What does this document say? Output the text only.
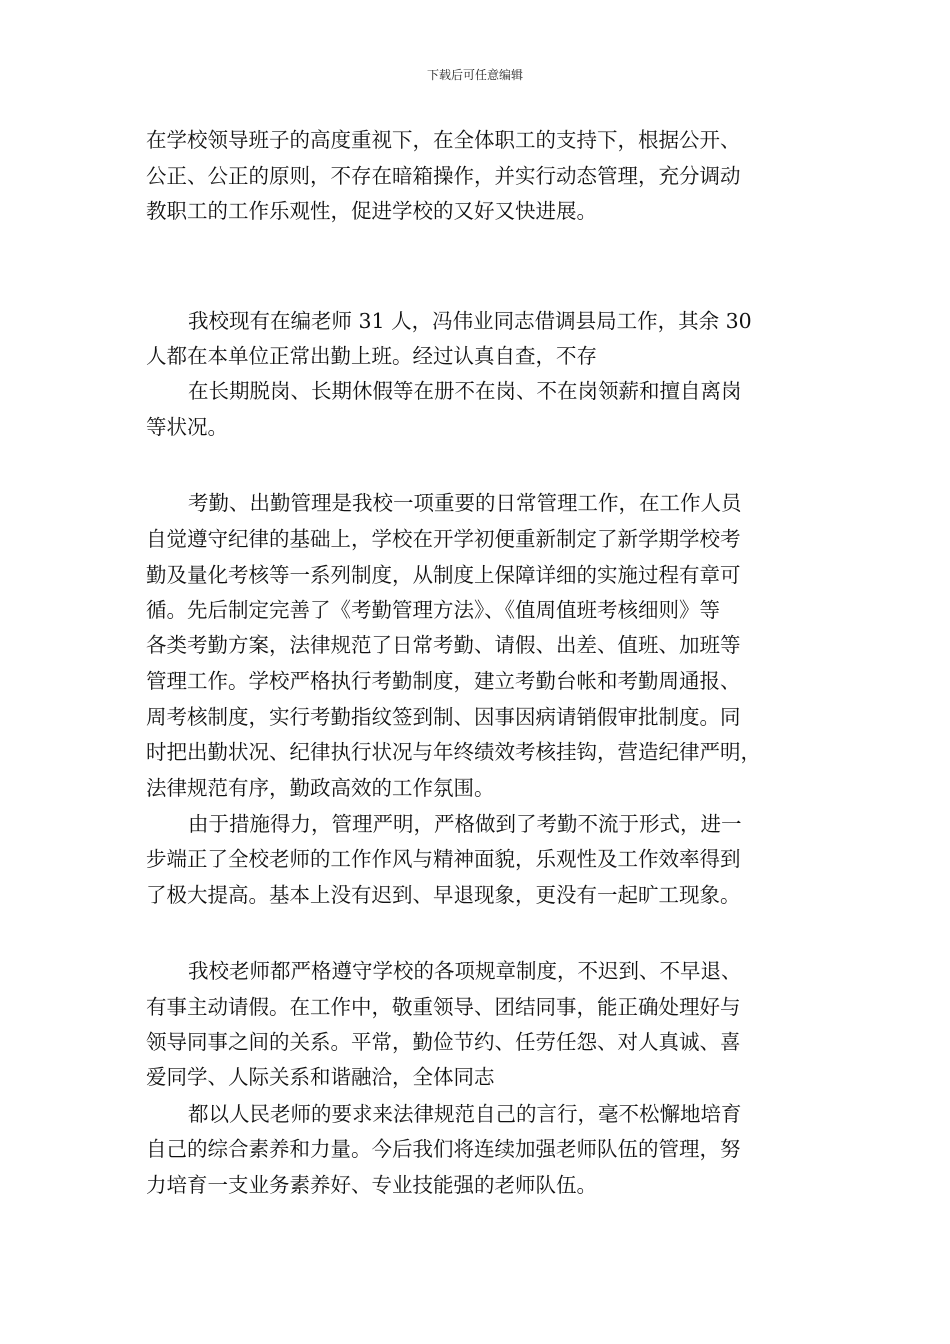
下载后可任意编辑
在学校领导班子的高度重视下，在全体职工的支持下，根据公开、
公正、公正的原则，不存在暗箱操作，并实行动态管理，充分调动
教职工的工作乐观性，促进学校的又好又快进展。
我校现有在编老师 31 人，冯伟业同志借调县局工作，其余 30
人都在本单位正常出勤上班。经过认真自查，不存
在长期脱岗、长期休假等在册不在岗、不在岗领薪和擅自离岗
等状况。
考勤、出勤管理是我校一项重要的日常管理工作，在工作人员
自觉遵守纪律的基础上，学校在开学初便重新制定了新学期学校考
勤及量化考核等一系列制度，从制度上保障详细的实施过程有章可
循。先后制定完善了《考勤管理方法》、《值周值班考核细则》等
各类考勤方案，法律规范了日常考勤、请假、出差、值班、加班等
管理工作。学校严格执行考勤制度，建立考勤台帐和考勤周通报、
周考核制度，实行考勤指纹签到制、因事因病请销假审批制度。同
时把出勤状况、纪律执行状况与年终绩效考核挂钩，营造纪律严明，
法律规范有序，勤政高效的工作氛围。
由于措施得力，管理严明，严格做到了考勤不流于形式，进一
步端正了全校老师的工作作风与精神面貌，乐观性及工作效率得到
了极大提高。基本上没有迟到、早退现象，更没有一起旷工现象。
我校老师都严格遵守学校的各项规章制度，不迟到、不早退、
有事主动请假。在工作中，敬重领导、团结同事，能正确处理好与
领导同事之间的关系。平常，勤俭节约、任劳任怨、对人真诚、喜
爱同学、人际关系和谐融洽，全体同志
都以人民老师的要求来法律规范自己的言行，毫不松懈地培育
自己的综合素养和力量。今后我们将连续加强老师队伍的管理，努
力培育一支业务素养好、专业技能强的老师队伍。
